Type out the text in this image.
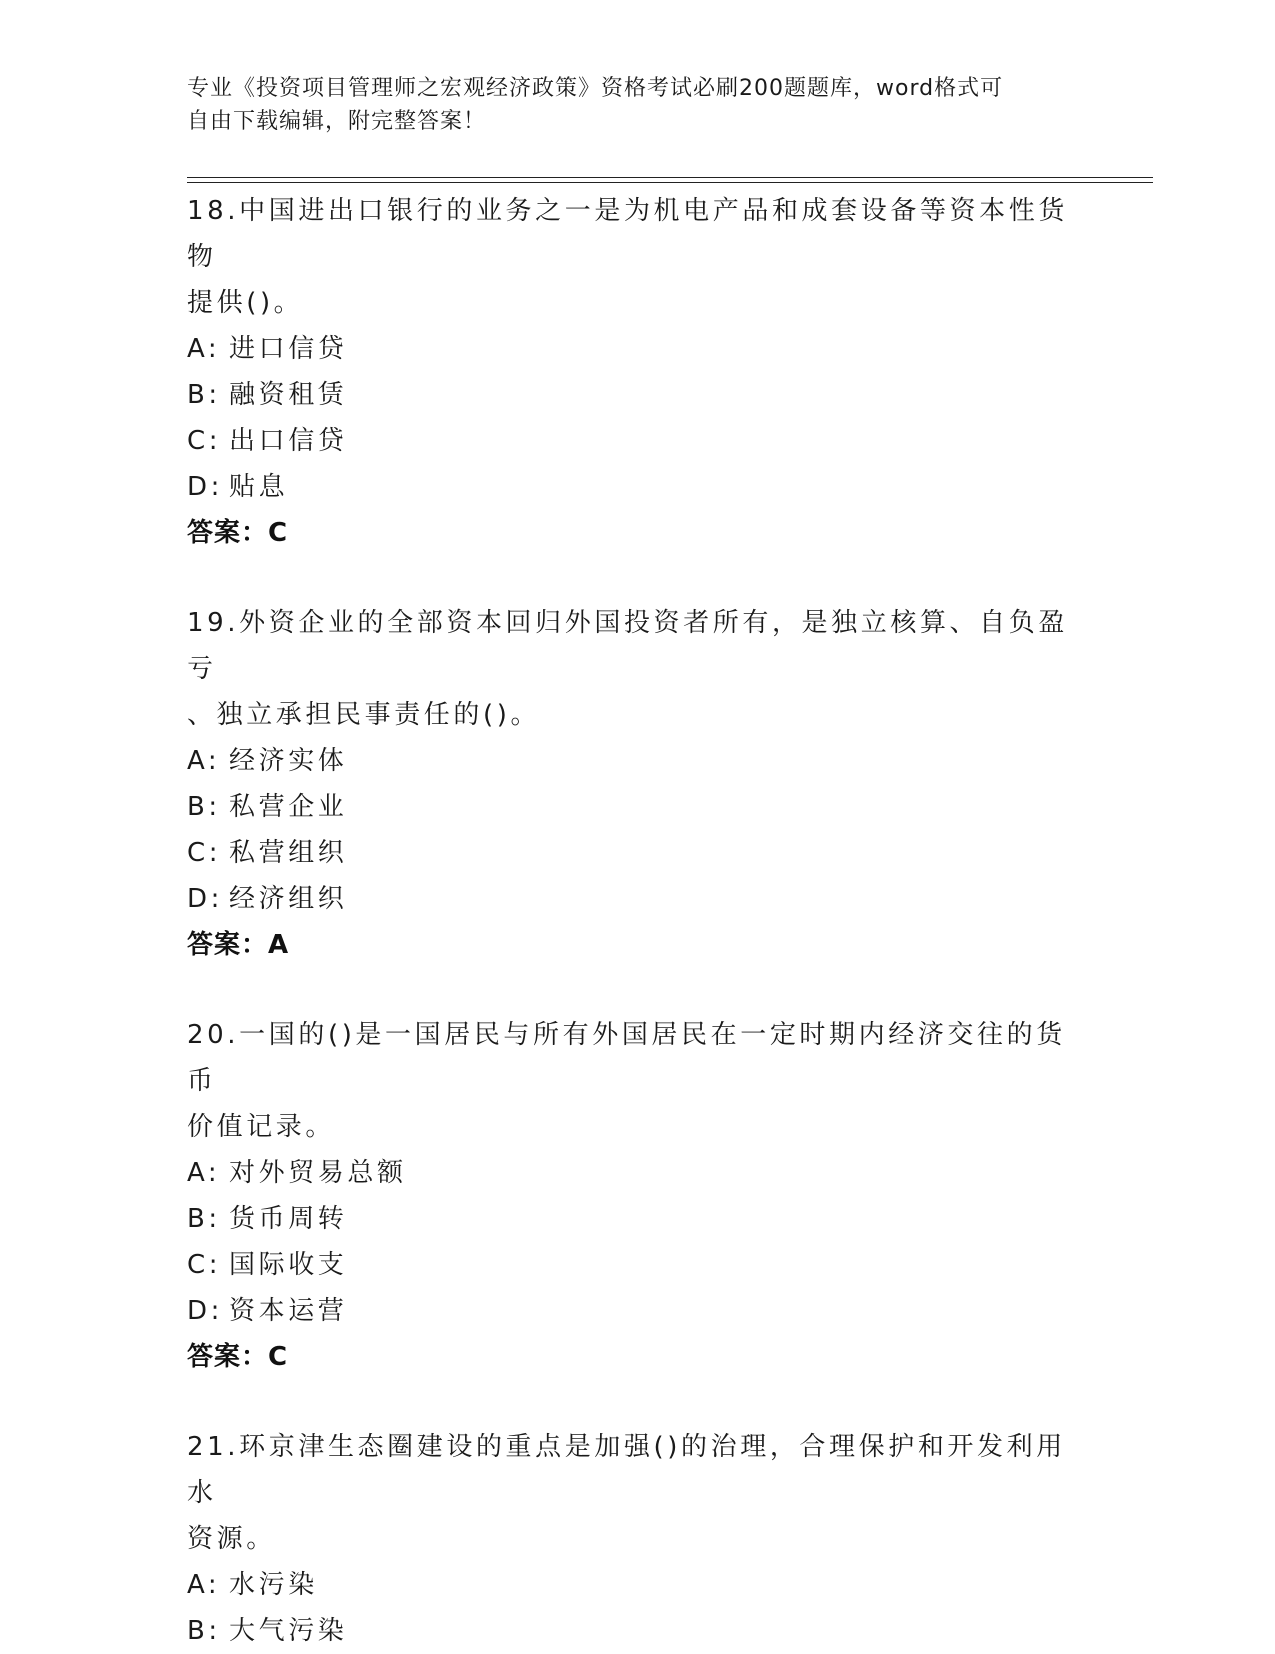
专业《投资项目管理师之宏观经济政策》资格考试必刷200题题库，word格式可
自由下载编辑，附完整答案！

18.中国进出口银行的业务之一是为机电产品和成套设备等资本性货物
提供()。

A: 进口信贷

B: 融资租赁

C: 出口信贷

D: 贴息

答案：C

19.外资企业的全部资本回归外国投资者所有，是独立核算、自负盈亏
、独立承担民事责任的()。

A: 经济实体

B: 私营企业

C: 私营组织

D: 经济组织

答案：A

20.一国的()是一国居民与所有外国居民在一定时期内经济交往的货币
价值记录。

A: 对外贸易总额

B: 货币周转

C: 国际收支

D: 资本运营

答案：C

21.环京津生态圈建设的重点是加强()的治理，合理保护和开发利用水
资源。

A: 水污染

B: 大气污染
